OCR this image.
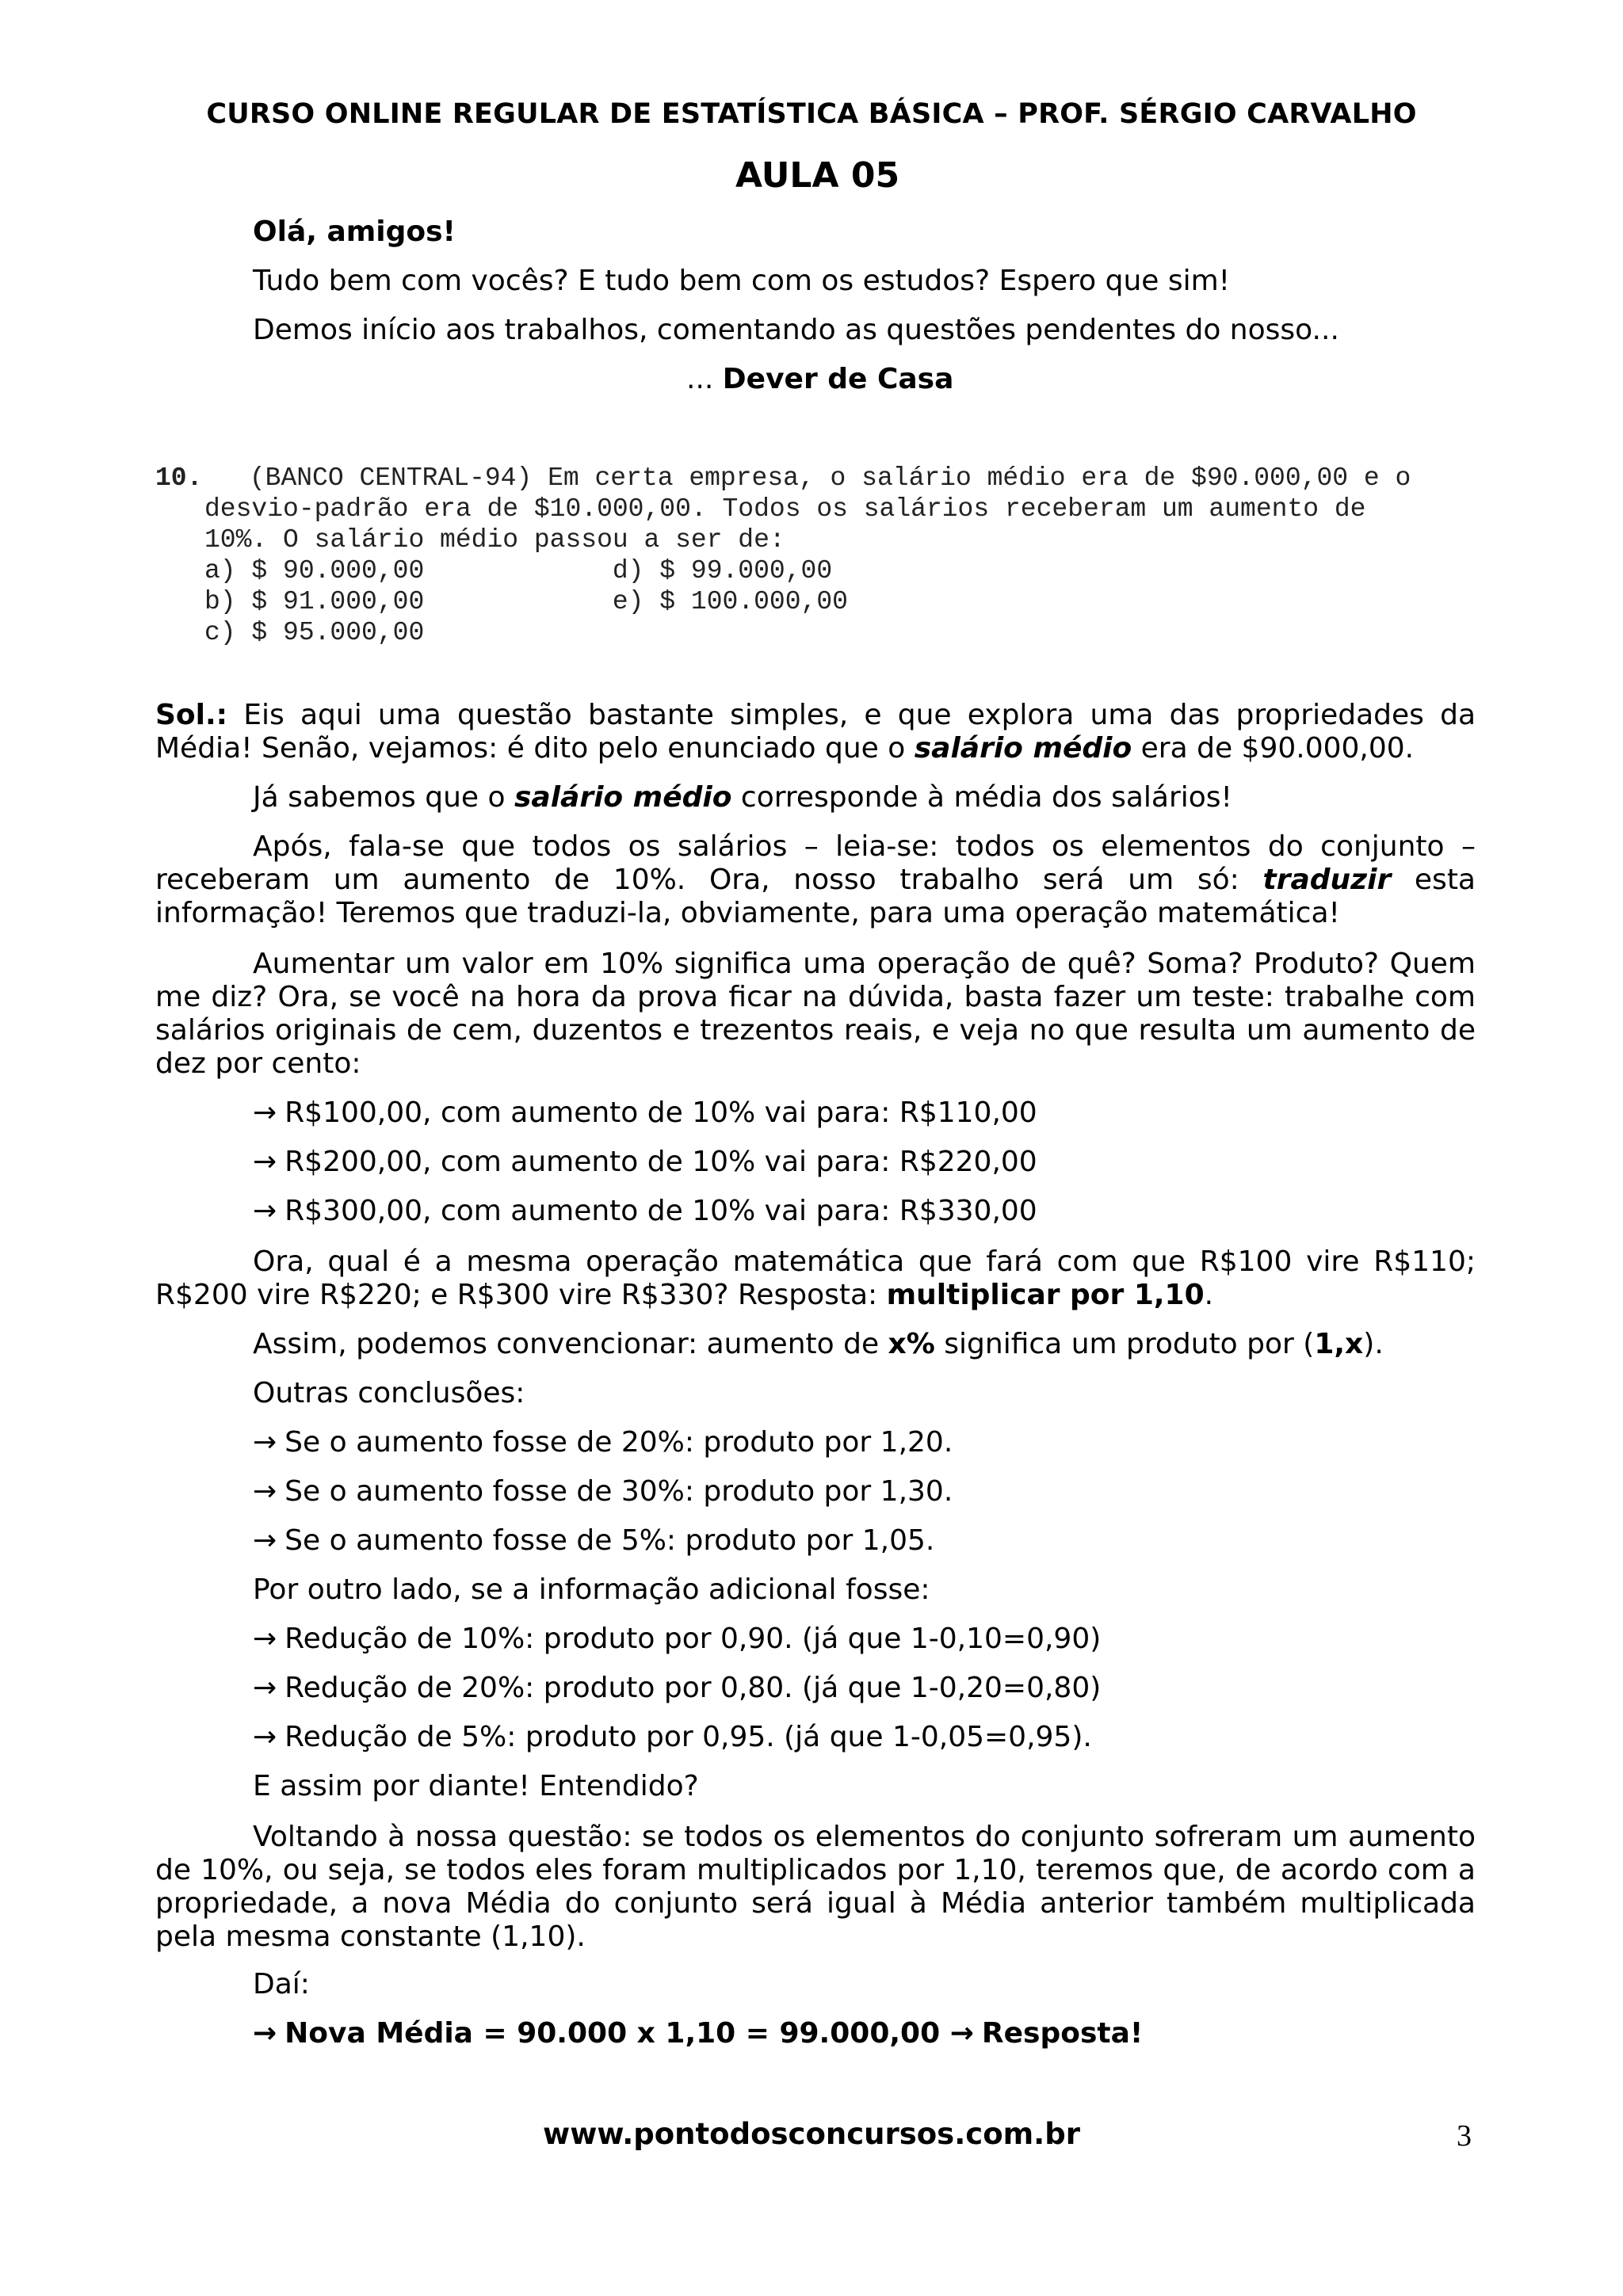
CURSO ONLINE REGULAR DE ESTATÍSTICA BÁSICA – PROF. SÉRGIO CARVALHO
AULA 05
Olá, amigos!
Tudo bem com vocês? E tudo bem com os estudos? Espero que sim!
Demos início aos trabalhos, comentando as questões pendentes do nosso...
... Dever de Casa
10.   (BANCO CENTRAL-94) Em certa empresa, o salário médio era de $90.000,00 e o
desvio-padrão era de $10.000,00. Todos os salários receberam um aumento de
10%. O salário médio passou a ser de:
a) $ 90.000,00            d) $ 99.000,00
b) $ 91.000,00            e) $ 100.000,00
c) $ 95.000,00
Sol.: Eis aqui uma questão bastante simples, e que explora uma das propriedades da Média! Senão, vejamos: é dito pelo enunciado que o salário médio era de $90.000,00.
Já sabemos que o salário médio corresponde à média dos salários!
Após, fala-se que todos os salários – leia-se: todos os elementos do conjunto – receberam um aumento de 10%. Ora, nosso trabalho será um só: traduzir esta informação! Teremos que traduzi-la, obviamente, para uma operação matemática!
Aumentar um valor em 10% significa uma operação de quê? Soma? Produto? Quem me diz? Ora, se você na hora da prova ficar na dúvida, basta fazer um teste: trabalhe com salários originais de cem, duzentos e trezentos reais, e veja no que resulta um aumento de dez por cento:
→ R$100,00, com aumento de 10% vai para: R$110,00
→ R$200,00, com aumento de 10% vai para: R$220,00
→ R$300,00, com aumento de 10% vai para: R$330,00
Ora, qual é a mesma operação matemática que fará com que R$100 vire R$110; R$200 vire R$220; e R$300 vire R$330? Resposta: multiplicar por 1,10.
Assim, podemos convencionar: aumento de x% significa um produto por (1,x).
Outras conclusões:
→ Se o aumento fosse de 20%: produto por 1,20.
→ Se o aumento fosse de 30%: produto por 1,30.
→ Se o aumento fosse de 5%: produto por 1,05.
Por outro lado, se a informação adicional fosse:
→ Redução de 10%: produto por 0,90. (já que 1-0,10=0,90)
→ Redução de 20%: produto por 0,80. (já que 1-0,20=0,80)
→ Redução de 5%: produto por 0,95. (já que 1-0,05=0,95).
E assim por diante! Entendido?
Voltando à nossa questão: se todos os elementos do conjunto sofreram um aumento de 10%, ou seja, se todos eles foram multiplicados por 1,10, teremos que, de acordo com a propriedade, a nova Média do conjunto será igual à Média anterior também multiplicada pela mesma constante (1,10).
Daí:
→ Nova Média = 90.000 x 1,10 = 99.000,00 → Resposta!
www.pontodosconcursos.com.br	3
